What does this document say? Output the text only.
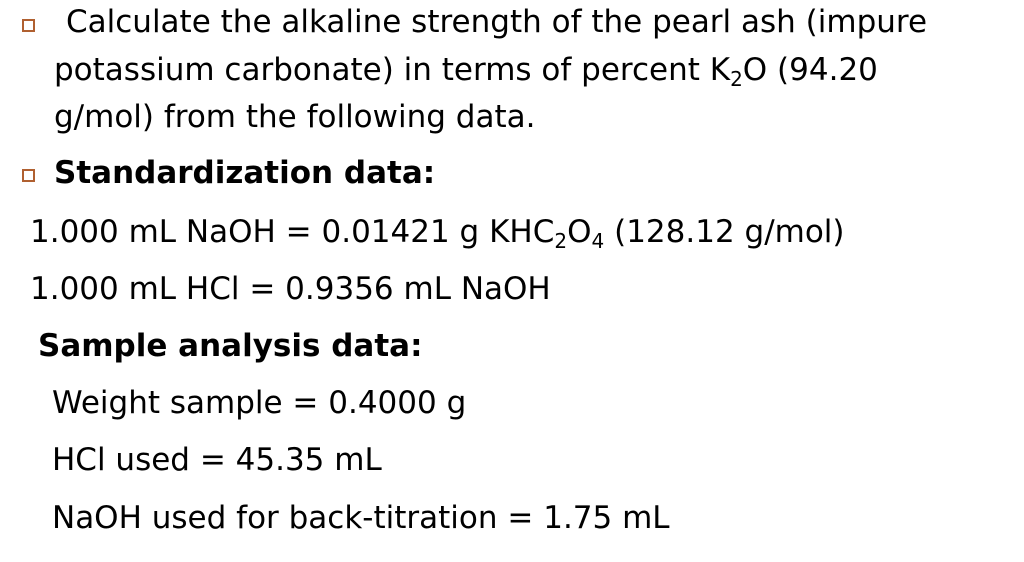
Calculate the alkaline strength of the pearl ash (impure
potassium carbonate) in terms of percent $K_2O$ (94.20
g/mol) from the following data.
Standardization data:
1.000 mL NaOH = 0.01421 g $KHC_2O_4$ (128.12 g/mol)
1.000 mL HCl = 0.9356 mL NaOH
Sample analysis data:
Weight sample = 0.4000 g
HCl used = 45.35 mL
NaOH used for back-titration = 1.75 mL
